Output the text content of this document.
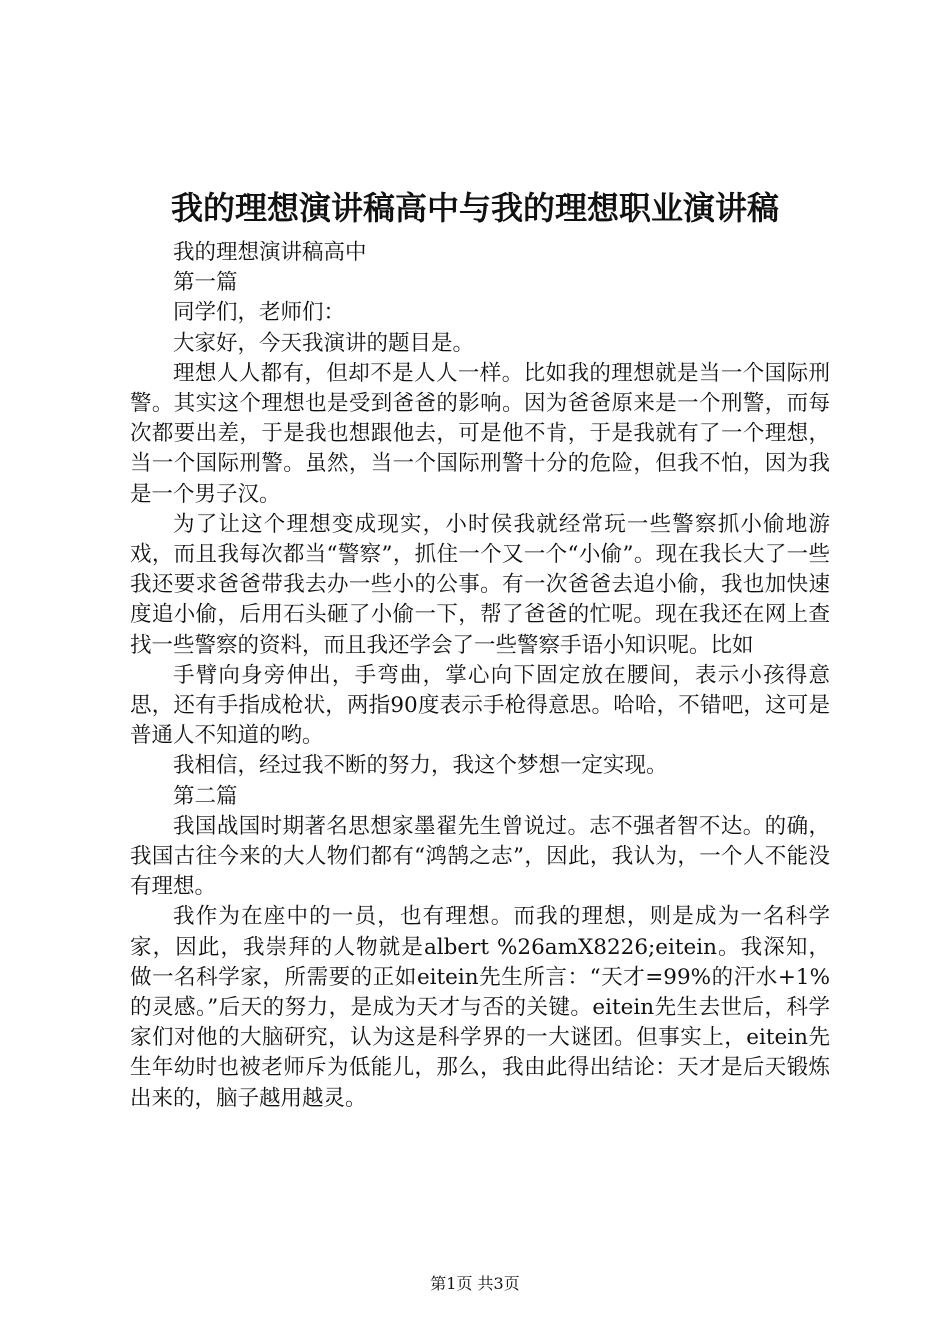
我的理想演讲稿高中与我的理想职业演讲稿

我的理想演讲稿高中

第一篇

同学们，老师们：

大家好，今天我演讲的题目是。

理想人人都有，但却不是人人一样。比如我的理想就是当一个国际刑警。其实这个理想也是受到爸爸的影响。因为爸爸原来是一个刑警，而每次都要出差，于是我也想跟他去，可是他不肯，于是我就有了一个理想，当一个国际刑警。虽然，当一个国际刑警十分的危险，但我不怕，因为我是一个男子汉。

为了让这个理想变成现实，小时侯我就经常玩一些警察抓小偷地游戏，而且我每次都当“警察”，抓住一个又一个“小偷”。现在我长大了一些我还要求爸爸带我去办一些小的公事。有一次爸爸去追小偷，我也加快速度追小偷，后用石头砸了小偷一下，帮了爸爸的忙呢。现在我还在网上查找一些警察的资料，而且我还学会了一些警察手语小知识呢。比如

手臂向身旁伸出，手弯曲，掌心向下固定放在腰间，表示小孩得意思，还有手指成枪状，两指90度表示手枪得意思。哈哈，不错吧，这可是普通人不知道的哟。

我相信，经过我不断的努力，我这个梦想一定实现。

第二篇

我国战国时期著名思想家墨翟先生曾说过。志不强者智不达。的确，我国古往今来的大人物们都有“鸿鹄之志”，因此，我认为，一个人不能没有理想。

我作为在座中的一员，也有理想。而我的理想，则是成为一名科学家，因此，我崇拜的人物就是albert %26amX8226;eitein。我深知，做一名科学家，所需要的正如eitein先生所言：“天才=99%的汗水+1%的灵感。”后天的努力，是成为天才与否的关键。eitein先生去世后，科学家们对他的大脑研究，认为这是科学界的一大谜团。但事实上，eitein先生年幼时也被老师斥为低能儿，那么，我由此得出结论：天才是后天锻炼出来的，脑子越用越灵。

第1页 共3页
